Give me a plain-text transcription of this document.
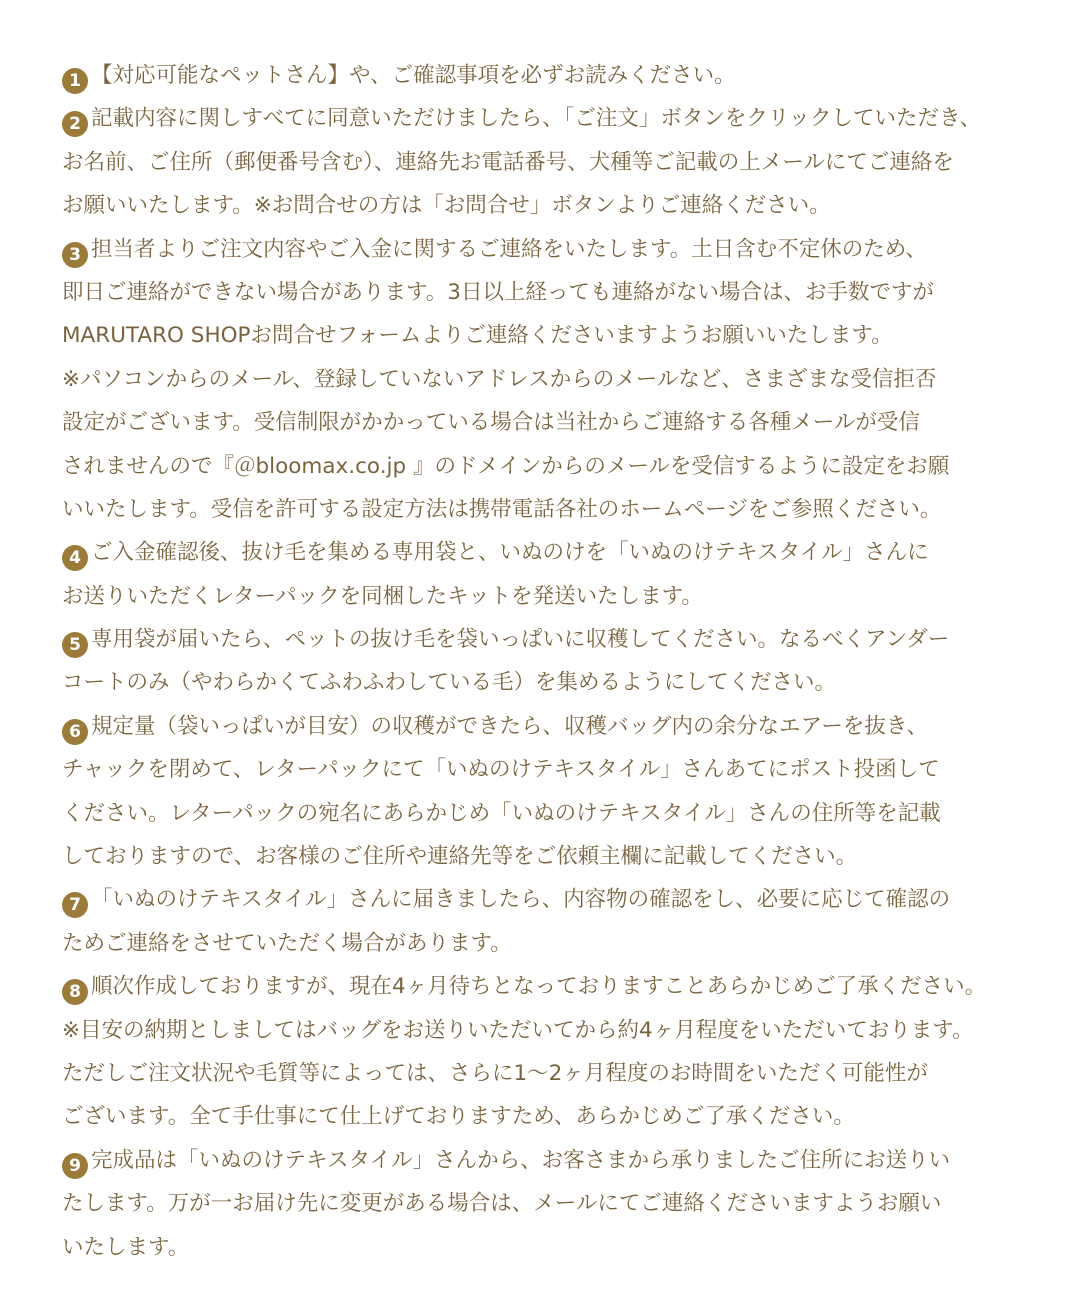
1 【対応可能なペットさん】や、ご確認事項を必ずお読みください。
2 記載内容に関しすべてに同意いただけましたら、「ご注文」ボタンをクリックしていただき、
お名前、ご住所（郵便番号含む）、連絡先お電話番号、犬種等ご記載の上メールにてご連絡を
お願いいたします。※お問合せの方は「お問合せ」ボタンよりご連絡ください。
3 担当者よりご注文内容やご入金に関するご連絡をいたします。土日含む不定休のため、
即日ご連絡ができない場合があります。3日以上経っても連絡がない場合は、お手数ですが
MARUTARO SHOPお問合せフォームよりご連絡くださいますようお願いいたします。
※パソコンからのメール、登録していないアドレスからのメールなど、さまざまな受信拒否
設定がございます。受信制限がかかっている場合は当社からご連絡する各種メールが受信
されませんので『＠bloomax.co.jp 』のドメインからのメールを受信するように設定をお願
いいたします。受信を許可する設定方法は携帯電話各社のホームページをご参照ください。
4 ご入金確認後、抜け毛を集める専用袋と、いぬのけを「いぬのけテキスタイル」さんに
お送りいただくレターパックを同梱したキットを発送いたします。
5 専用袋が届いたら、ペットの抜け毛を袋いっぱいに収穫してください。なるべくアンダー
コートのみ（やわらかくてふわふわしている毛）を集めるようにしてください。
6 規定量（袋いっぱいが目安）の収穫ができたら、収穫バッグ内の余分なエアーを抜き、
チャックを閉めて、レターパックにて「いぬのけテキスタイル」さんあてにポスト投函して
ください。レターパックの宛名にあらかじめ「いぬのけテキスタイル」さんの住所等を記載
しておりますので、お客様のご住所や連絡先等をご依頼主欄に記載してください。
7 「いぬのけテキスタイル」さんに届きましたら、内容物の確認をし、必要に応じて確認の
ためご連絡をさせていただく場合があります。
8 順次作成しておりますが、現在4ヶ月待ちとなっておりますことあらかじめご了承ください。
※目安の納期としましてはバッグをお送りいただいてから約4ヶ月程度をいただいております。
ただしご注文状況や毛質等によっては、さらに1〜2ヶ月程度のお時間をいただく可能性が
ございます。全て手仕事にて仕上げておりますため、あらかじめご了承ください。
9 完成品は「いぬのけテキスタイル」さんから、お客さまから承りましたご住所にお送りい
たします。万が一お届け先に変更がある場合は、メールにてご連絡くださいますようお願い
いたします。
